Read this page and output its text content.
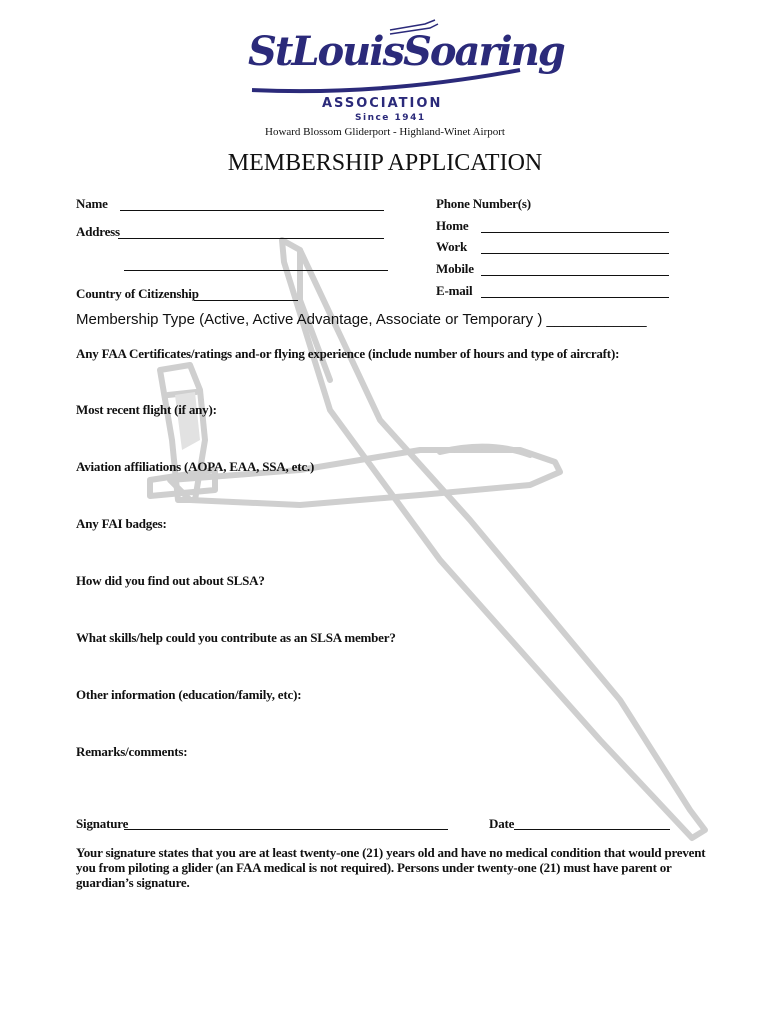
StLouisSoaring
ASSOCIATION
Since 1941
Howard Blossom Gliderport - Highland-Winet Airport
MEMBERSHIP APPLICATION
Name
Address
Country of Citizenship
Phone Number(s)
Home
Work
Mobile
E-mail
Membership Type (Active, Active Advantage, Associate or Temporary ) ____________
Any FAA Certificates/ratings and-or flying experience (include number of hours and type of aircraft):
Most recent flight (if any):
Aviation affiliations (AOPA, EAA, SSA, etc.)
Any FAI badges:
How did you find out about SLSA?
What skills/help could you contribute as an SLSA member?
Other information (education/family, etc):
Remarks/comments:
Signature	Date
Your signature states that you are at least twenty-one (21) years old and have no medical condition that would prevent you from piloting a glider (an FAA medical is not required). Persons under twenty-one (21) must have parent or guardian’s signature.
